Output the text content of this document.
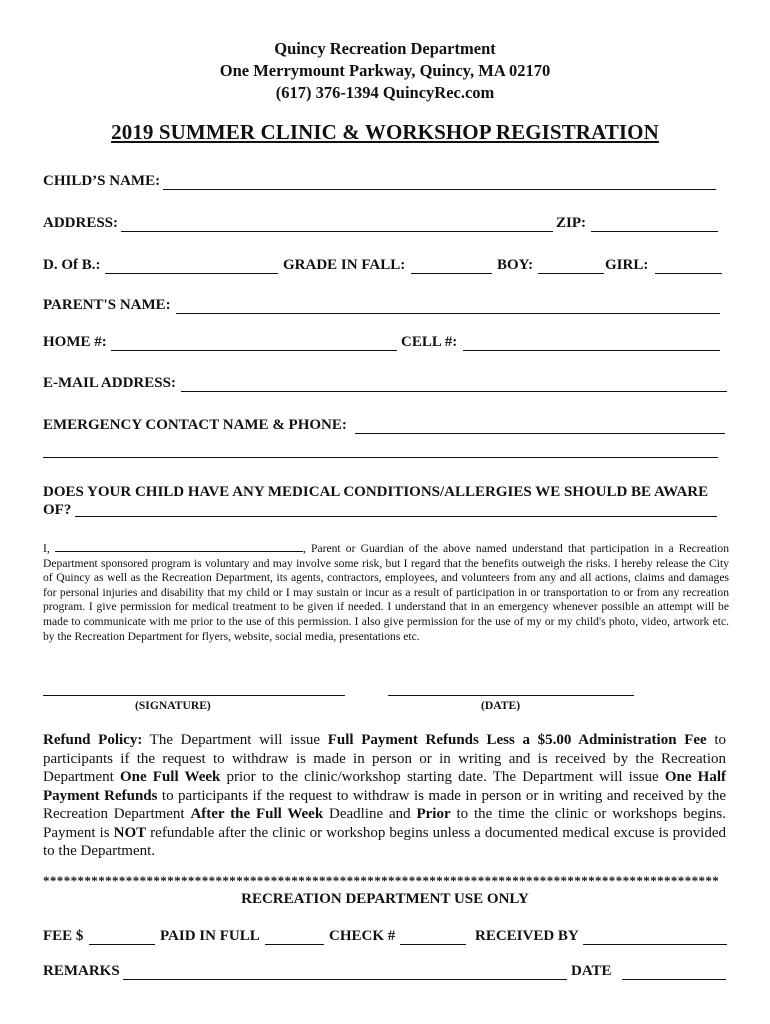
Quincy Recreation Department
One Merrymount Parkway, Quincy, MA 02170
(617) 376-1394 QuincyRec.com
2019 SUMMER CLINIC & WORKSHOP REGISTRATION
CHILD’S NAME:
ADDRESS:	ZIP:
D. Of B.:	GRADE IN FALL:	BOY:	GIRL:
PARENT'S NAME:
HOME #:	CELL #:
E-MAIL ADDRESS:
EMERGENCY CONTACT NAME & PHONE:
DOES YOUR CHILD HAVE ANY MEDICAL CONDITIONS/ALLERGIES WE SHOULD BE AWARE
OF?
I,	, Parent or Guardian of the above named understand that participation in a Recreation Department sponsored program is voluntary and may involve some risk, but I regard that the benefits outweigh the risks. I hereby release the City of Quincy as well as the Recreation Department, its agents, contractors, employees, and volunteers from any and all actions, claims and damages for personal injuries and disability that my child or I may sustain or incur as a result of participation in or transportation to or from any recreation program. I give permission for medical treatment to be given if needed. I understand that in an emergency whenever possible an attempt will be made to communicate with me prior to the use of this permission. I also give permission for the use of my or my child's photo, video, artwork etc. by the Recreation Department for flyers, website, social media, presentations etc.
(SIGNATURE)	(DATE)
Refund Policy: The Department will issue Full Payment Refunds Less a $5.00 Administration Fee to participants if the request to withdraw is made in person or in writing and is received by the Recreation Department One Full Week prior to the clinic/workshop starting date. The Department will issue One Half Payment Refunds to participants if the request to withdraw is made in person or in writing and received by the Recreation Department After the Full Week Deadline and Prior to the time the clinic or workshops begins. Payment is NOT refundable after the clinic or workshop begins unless a documented medical excuse is provided to the Department.
**************************************************************************************************
RECREATION DEPARTMENT USE ONLY
FEE $	PAID IN FULL	CHECK #	RECEIVED BY
REMARKS	DATE
